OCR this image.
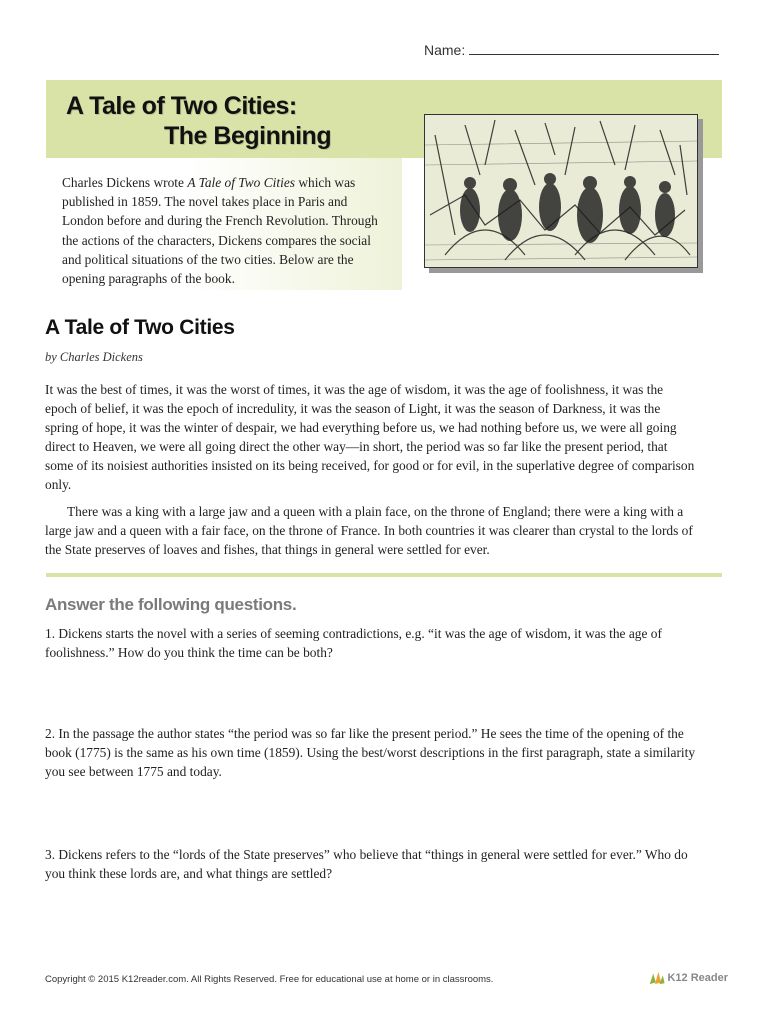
Name:
A Tale of Two Cities:
The Beginning
Charles Dickens wrote A Tale of Two Cities which was published in 1859. The novel takes place in Paris and London before and during the French Revolution. Through the actions of the characters, Dickens compares the social and political situations of the two cities. Below are the opening paragraphs of the book.
A Tale of Two Cities
by Charles Dickens

It was the best of times, it was the worst of times, it was the age of wisdom, it was the age of foolishness, it was the epoch of belief, it was the epoch of incredulity, it was the season of Light, it was the season of Darkness, it was the spring of hope, it was the winter of despair, we had everything before us, we had nothing before us, we were all going direct to Heaven, we were all going direct the other way—in short, the period was so far like the present period, that some of its noisiest authorities insisted on its being received, for good or for evil, in the superlative degree of comparison only.

There was a king with a large jaw and a queen with a plain face, on the throne of England; there were a king with a large jaw and a queen with a fair face, on the throne of France. In both countries it was clearer than crystal to the lords of the State preserves of loaves and fishes, that things in general were settled for ever.

Answer the following questions.

1. Dickens starts the novel with a series of seeming contradictions, e.g. “it was the age of wisdom, it was the age of foolishness.” How do you think the time can be both?

2. In the passage the author states “the period was so far like the present period.” He sees the time of the opening of the book (1775) is the same as his own time (1859). Using the best/worst descriptions in the first paragraph, state a similarity you see between 1775 and today.

3. Dickens refers to the “lords of the State preserves” who believe that “things in general were settled for ever.” Who do you think these lords are, and what things are settled?

Copyright © 2015 K12reader.com. All Rights Reserved. Free for educational use at home or in classrooms.	K12 Reader
